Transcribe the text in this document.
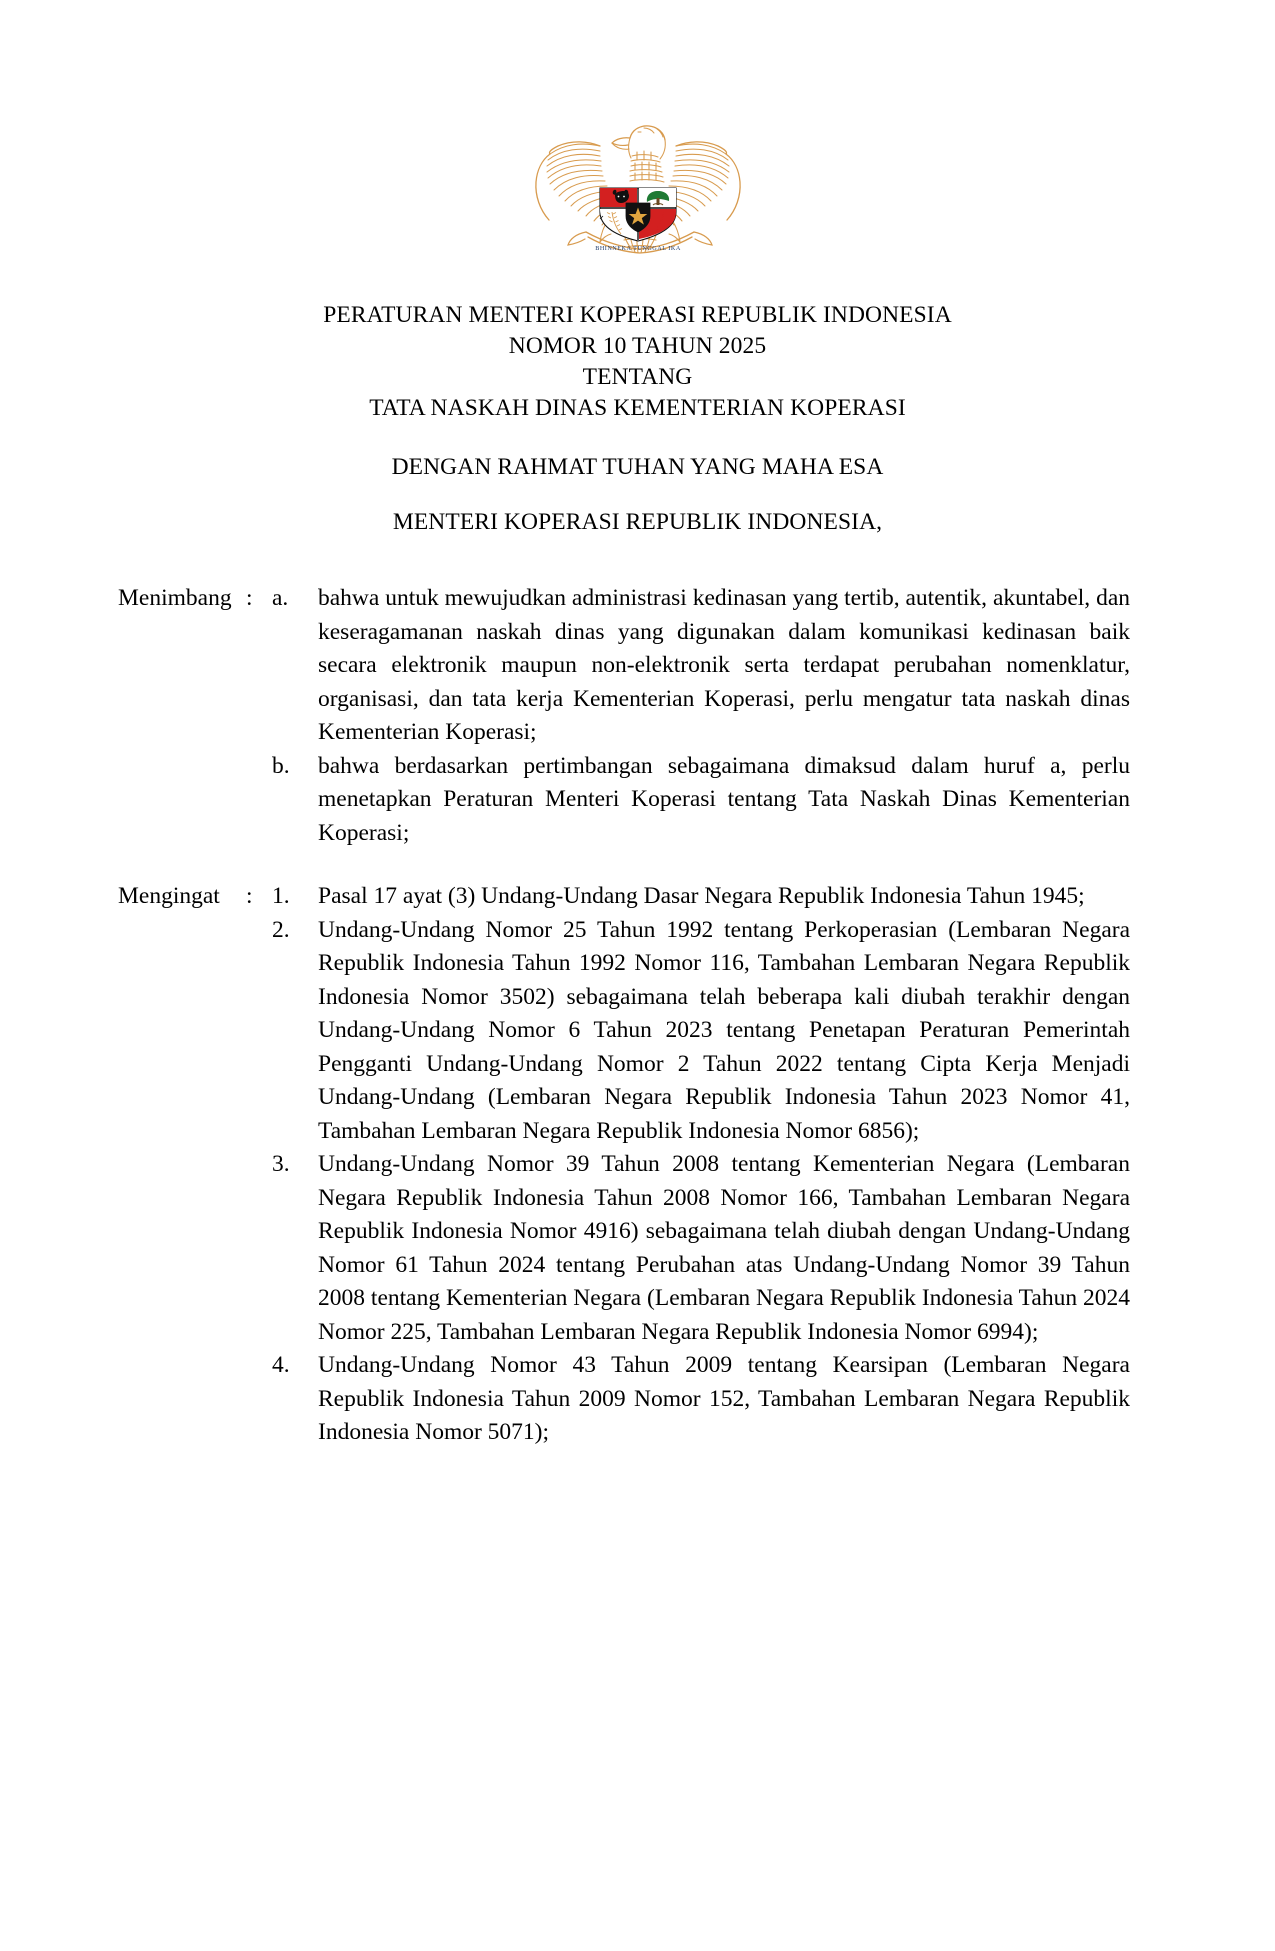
BHINNEKA TUNGGAL IKA
PERATURAN MENTERI KOPERASI REPUBLIK INDONESIA
NOMOR 10 TAHUN 2025
TENTANG
TATA NASKAH DINAS KEMENTERIAN KOPERASI
DENGAN RAHMAT TUHAN YANG MAHA ESA
MENTERI KOPERASI REPUBLIK INDONESIA,
Menimbang : a.	bahwa untuk mewujudkan administrasi kedinasan yang tertib, autentik, akuntabel, dan keseragamanan naskah dinas yang digunakan dalam komunikasi kedinasan baik secara elektronik maupun non-elektronik serta terdapat perubahan nomenklatur, organisasi, dan tata kerja Kementerian Koperasi, perlu mengatur tata naskah dinas Kementerian Koperasi;
b.	bahwa berdasarkan pertimbangan sebagaimana dimaksud dalam huruf a, perlu menetapkan Peraturan Menteri Koperasi tentang Tata Naskah Dinas Kementerian Koperasi;
Mengingat	: 1.	Pasal 17 ayat (3) Undang-Undang Dasar Negara Republik Indonesia Tahun 1945;
2.	Undang-Undang Nomor 25 Tahun 1992 tentang Perkoperasian (Lembaran Negara Republik Indonesia Tahun 1992 Nomor 116, Tambahan Lembaran Negara Republik Indonesia Nomor 3502) sebagaimana telah beberapa kali diubah terakhir dengan Undang-Undang Nomor 6 Tahun 2023 tentang Penetapan Peraturan Pemerintah Pengganti Undang-Undang Nomor 2 Tahun 2022 tentang Cipta Kerja Menjadi Undang-Undang (Lembaran Negara Republik Indonesia Tahun 2023 Nomor 41, Tambahan Lembaran Negara Republik Indonesia Nomor 6856);
3.	Undang-Undang Nomor 39 Tahun 2008 tentang Kementerian Negara (Lembaran Negara Republik Indonesia Tahun 2008 Nomor 166, Tambahan Lembaran Negara Republik Indonesia Nomor 4916) sebagaimana telah diubah dengan Undang-Undang Nomor 61 Tahun 2024 tentang Perubahan atas Undang-Undang Nomor 39 Tahun 2008 tentang Kementerian Negara (Lembaran Negara Republik Indonesia Tahun 2024 Nomor 225, Tambahan Lembaran Negara Republik Indonesia Nomor 6994);
4.	Undang-Undang Nomor 43 Tahun 2009 tentang Kearsipan (Lembaran Negara Republik Indonesia Tahun 2009 Nomor 152, Tambahan Lembaran Negara Republik Indonesia Nomor 5071);
